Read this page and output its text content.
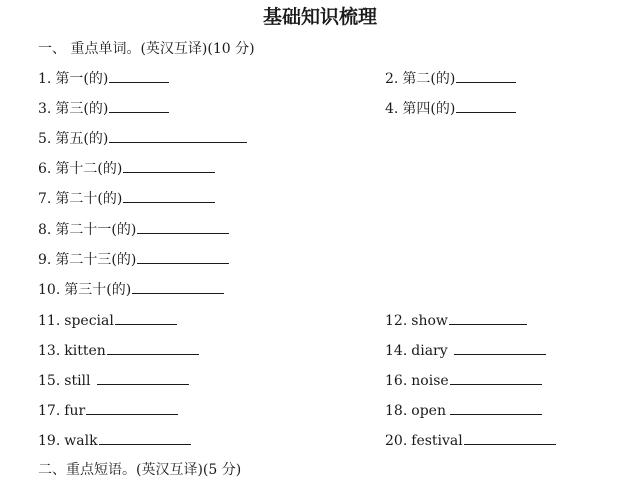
基础知识梳理
一、 重点单词。(英汉互译)(10 分)
1. 第一(的)	2. 第二(的)
3. 第三(的)	4. 第四(的)
5. 第五(的)
6. 第十二(的)
7. 第二十(的)
8. 第二十一(的)
9. 第二十三(的)
10. 第三十(的)
11. special	12. show
13. kitten	14. diary
15. still	16. noise
17. fur	18. open
19. walk	20. festival
二、重点短语。(英汉互译)(5 分)
